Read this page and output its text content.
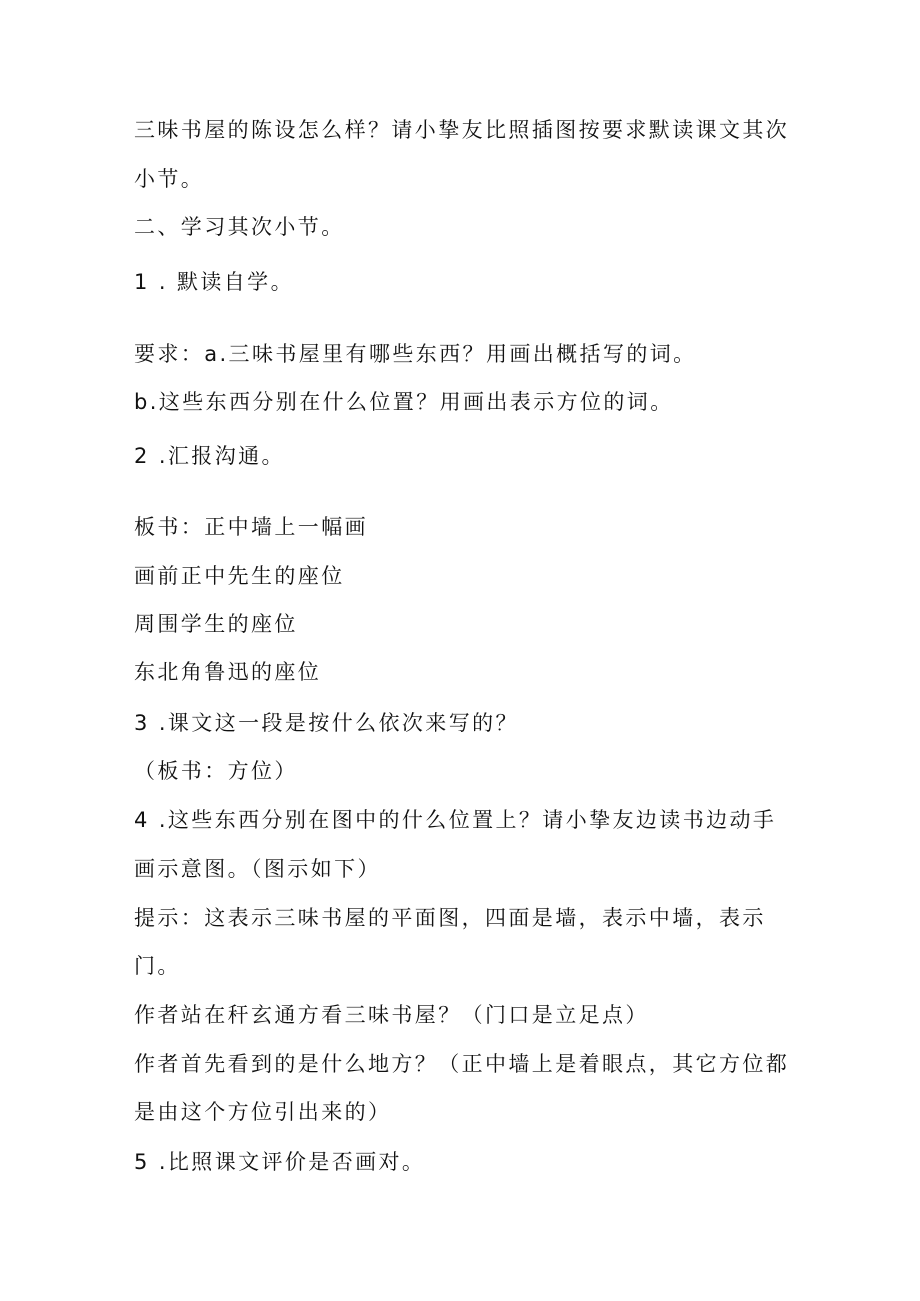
三味书屋的陈设怎么样？请小挚友比照插图按要求默读课文其次
小节。
二、学习其次小节。
1 . 默读自学。
要求：a.三味书屋里有哪些东西？用画出概括写的词。
b.这些东西分别在什么位置？用画出表示方位的词。
2 .汇报沟通。
板书：正中墙上一幅画
画前正中先生的座位
周围学生的座位
东北角鲁迅的座位
3 .课文这一段是按什么依次来写的？
（板书：方位）
4 .这些东西分别在图中的什么位置上？请小挚友边读书边动手
画示意图。（图示如下）
提示：这表示三味书屋的平面图，四面是墙，表示中墙，表示
门。
作者站在秆玄通方看三味书屋？（门口是立足点）
作者首先看到的是什么地方？（正中墙上是着眼点，其它方位都
是由这个方位引出来的）
5 .比照课文评价是否画对。
